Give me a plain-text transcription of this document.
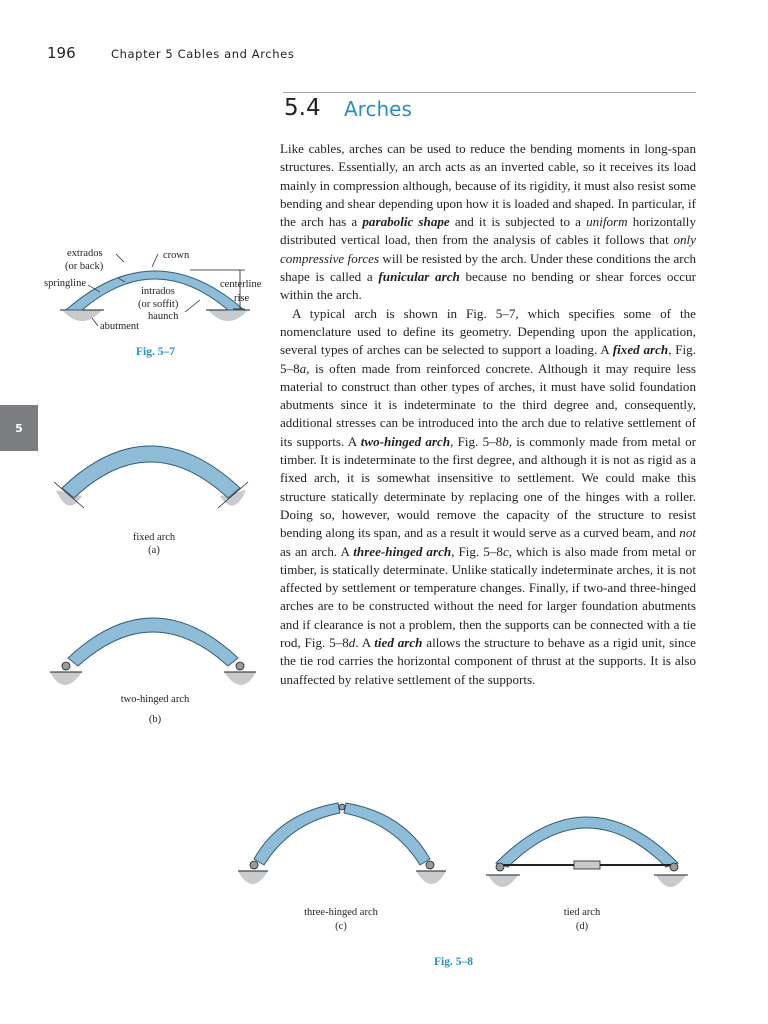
196	Chapter 5 Cables and Arches
5.4 Arches
5

Like cables, arches can be used to reduce the bending moments in long-span structures. Essentially, an arch acts as an inverted cable, so it receives its load mainly in compression although, because of its rigidity, it must also resist some bending and shear depending upon how it is loaded and shaped. In particular, if the arch has a parabolic shape and it is subjected to a uniform horizontally distributed vertical load, then from the analysis of cables it follows that only compressive forces will be resisted by the arch. Under these conditions the arch shape is called a funicular arch because no bending or shear forces occur within the arch.

A typical arch is shown in Fig. 5–7, which specifies some of the nomenclature used to define its geometry. Depending upon the application, several types of arches can be selected to support a loading. A fixed arch, Fig. 5–8a, is often made from reinforced concrete. Although it may require less material to construct than other types of arches, it must have solid foundation abutments since it is indeterminate to the third degree and, consequently, additional stresses can be introduced into the arch due to relative settlement of its supports. A two-hinged arch, Fig. 5–8b, is commonly made from metal or timber. It is indeterminate to the first degree, and although it is not as rigid as a fixed arch, it is somewhat insensitive to settlement. We could make this structure statically determinate by replacing one of the hinges with a roller. Doing so, however, would remove the capacity of the structure to resist bending along its span, and as a result it would serve as a curved beam, and not as an arch. A three-hinged arch, Fig. 5–8c, which is also made from metal or timber, is statically determinate. Unlike statically indeterminate arches, it is not affected by settlement or temperature changes. Finally, if two-and three-hinged arches are to be constructed without the need for larger foundation abutments and if clearance is not a problem, then the supports can be connected with a tie rod, Fig. 5–8d. A tied arch allows the structure to behave as a rigid unit, since the tie rod carries the horizontal component of thrust at the supports. It is also unaffected by relative settlement of the supports.

extrados
(or back)
crown
springline
intrados
(or soffit)
centerline
rise
haunch
abutment
Fig. 5–7
fixed arch
(a)
two-hinged arch
(b)
three-hinged arch
(c)
tied arch
(d)
Fig. 5–8
